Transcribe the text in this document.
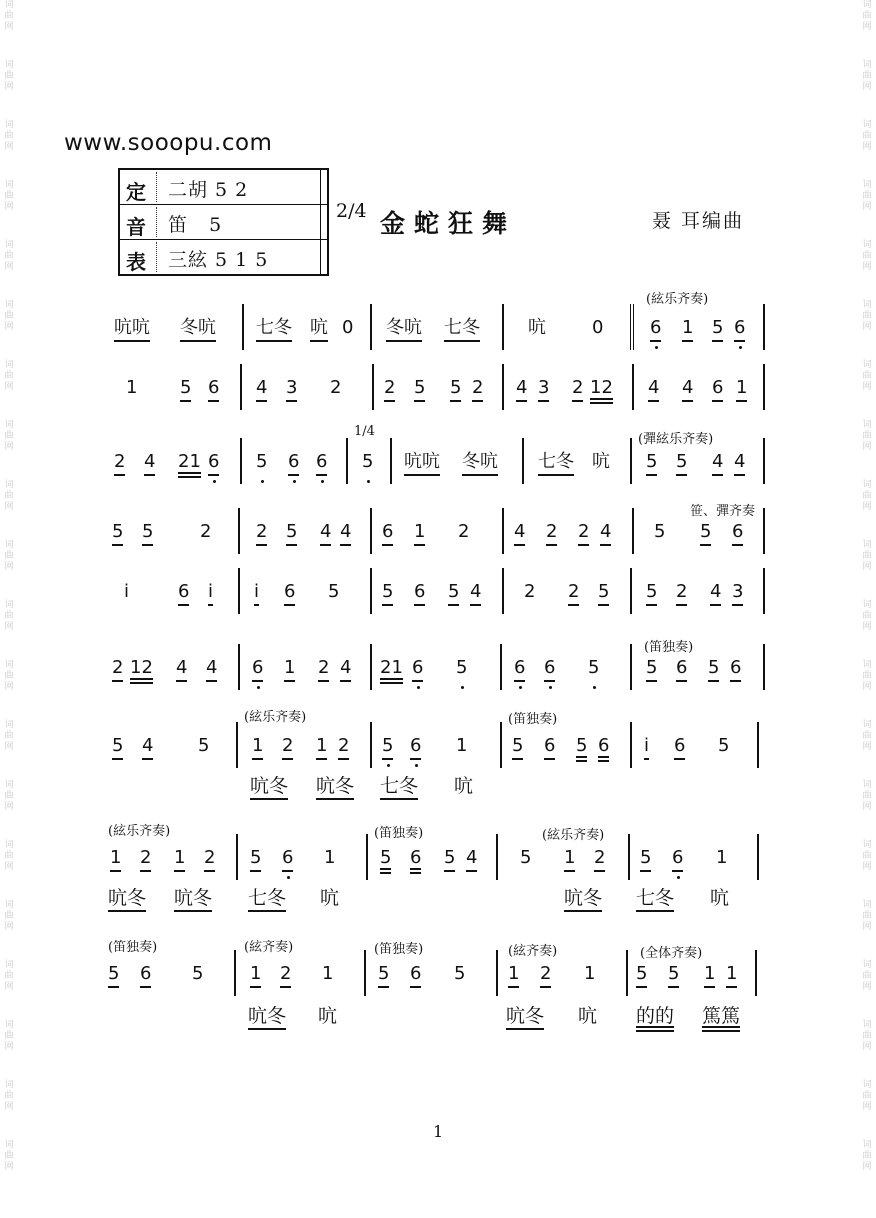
词
曲
网
词
曲
网
词
曲
网
词
曲
网
词
曲
网
词
曲
网
词
曲
网
词
曲
网
词
曲
网
词
曲
网
词
曲
网
词
曲
网
词
曲
网
词
曲
网
词
曲
网
词
曲
网
词
曲
网
词
曲
网
词
曲
网
词
曲
网
词
曲
网
词
曲
网
词
曲
网
词
曲
网
词
曲
网
词
曲
网
词
曲
网
词
曲
网
词
曲
网
词
曲
网
词
曲
网
词
曲
网
词
曲
网
词
曲
网
词
曲
网
词
曲
网
词
曲
网
词
曲
网
词
曲
网
词
曲
网
www.sooopu.com
定 二胡 5 2
音 笛   5
表 三絃 5 1 5
2/4 金蛇狂舞	聂 耳编曲
吭吭 冬吭 七冬 吭 0 冬吭 七冬	吭	0	6 1 5 6
1 5 6 4 3 2 2 5 5 2 4 3 2 12 4 4 6 1
2 4 21 6 5 6 6 5 吭吭 冬吭 七冬 吭 5 5 4 4
5 5	2 2 5 4 4 6 1 2 4 2 2 4 5 5 6
i	6 i i 6 5 5 6 5 4 2 2 5 5 2 4 3
2 12 4 4 6 1 2 4 21 6 5	6 6 5	5 6 5 6
5 4 5 1 2 1 2 5 6 1 5 6 5 6 i 6 5
1 2 1 2 5 6 1 5 6 5 4 5 1 2 5 6 1
5 6 5	1 2 1 5 6 5 1 2 1 5 5 1 1
吭冬 吭冬 七冬 吭
吭冬 吭冬 七冬 吭	吭冬 七冬 吭
吭冬 吭	吭冬 吭 的的 篤篤
(絃乐齐奏)
1/4
(彈絃乐齐奏)
笹、彈齐奏
(笛独奏)
(絃乐齐奏)	(笛独奏)
(絃乐齐奏)	(笛独奏)	(絃乐齐奏)
(笛独奏)	(絃齐奏)	(笛独奏)	(絃齐奏)	(全体齐奏)
1
